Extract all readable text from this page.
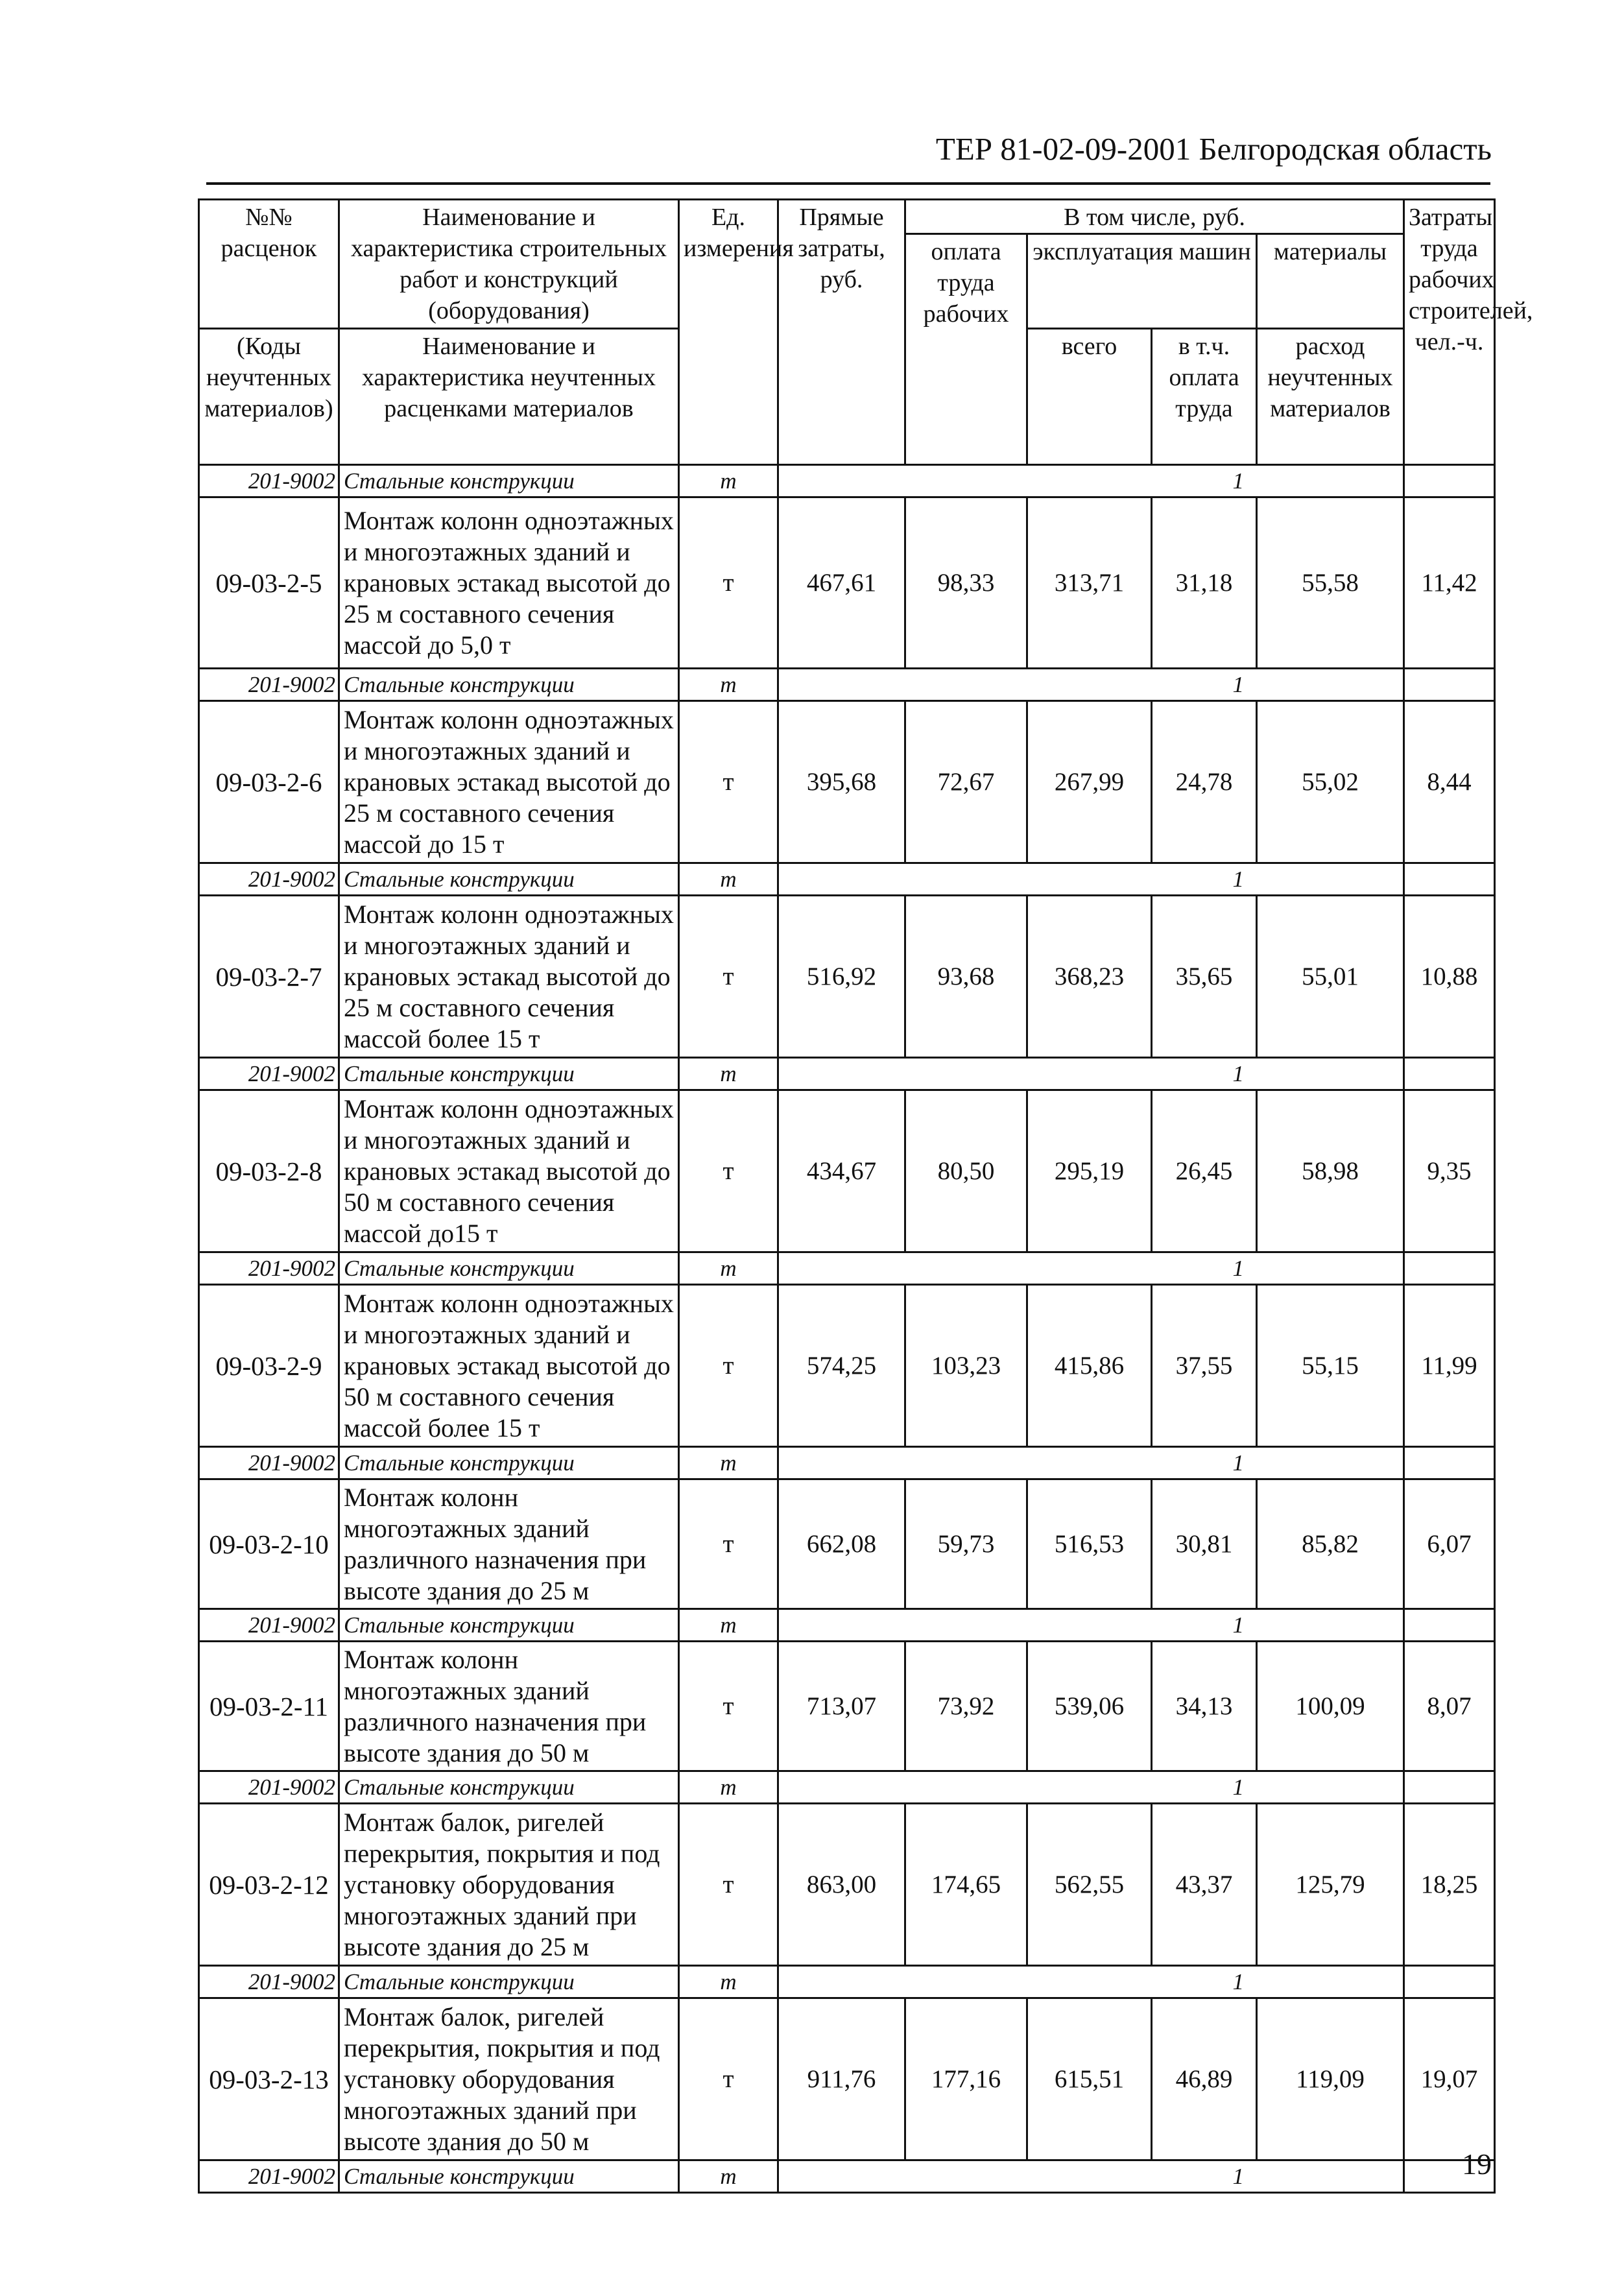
ТЕР 81-02-09-2001 Белгородская область
№№ расценок	Наименование и характеристика строительных работ и конструкций (оборудования)	Ед. измерения	Прямые затраты, руб.	В том числе, руб.				Затраты труда рабочих строителей, чел.-ч.
				оплата труда рабочих	эксплуатация машин		материалы	
(Коды неучтенных материалов)	Наименование и характеристика неучтенных расценками материалов				всего	в т.ч. оплата труда	расход неучтенных материалов	
201-9002	Стальные конструкции	т	1					
09-03-2-5	Монтаж колонн одноэтажных и многоэтажных зданий и крановых эстакад высотой до 25 м составного сечения массой до 5,0 т	т	467,61	98,33	313,71	31,18	55,58	11,42
201-9002	Стальные конструкции	т	1					
09-03-2-6	Монтаж колонн одноэтажных и многоэтажных зданий и крановых эстакад высотой до 25 м составного сечения массой до 15 т	т	395,68	72,67	267,99	24,78	55,02	8,44
201-9002	Стальные конструкции	т	1					
09-03-2-7	Монтаж колонн одноэтажных и многоэтажных зданий и крановых эстакад высотой до 25 м составного сечения массой более 15 т	т	516,92	93,68	368,23	35,65	55,01	10,88
201-9002	Стальные конструкции	т	1					
09-03-2-8	Монтаж колонн одноэтажных и многоэтажных зданий и крановых эстакад высотой до 50 м составного сечения массой до15 т	т	434,67	80,50	295,19	26,45	58,98	9,35
201-9002	Стальные конструкции	т	1					
09-03-2-9	Монтаж колонн одноэтажных и многоэтажных зданий и крановых эстакад высотой до 50 м составного сечения массой более 15 т	т	574,25	103,23	415,86	37,55	55,15	11,99
201-9002	Стальные конструкции	т	1					
09-03-2-10	Монтаж колонн многоэтажных зданий различного назначения при высоте здания до 25 м	т	662,08	59,73	516,53	30,81	85,82	6,07
201-9002	Стальные конструкции	т	1					
09-03-2-11	Монтаж колонн многоэтажных зданий различного назначения при высоте здания до 50 м	т	713,07	73,92	539,06	34,13	100,09	8,07
201-9002	Стальные конструкции	т	1					
09-03-2-12	Монтаж балок, ригелей перекрытия, покрытия и под установку оборудования многоэтажных зданий при высоте здания до 25 м	т	863,00	174,65	562,55	43,37	125,79	18,25
201-9002	Стальные конструкции	т	1					
09-03-2-13	Монтаж балок, ригелей перекрытия, покрытия и под установку оборудования многоэтажных зданий при высоте здания до 50 м	т	911,76	177,16	615,51	46,89	119,09	19,07
201-9002	Стальные конструкции	т	1						19
